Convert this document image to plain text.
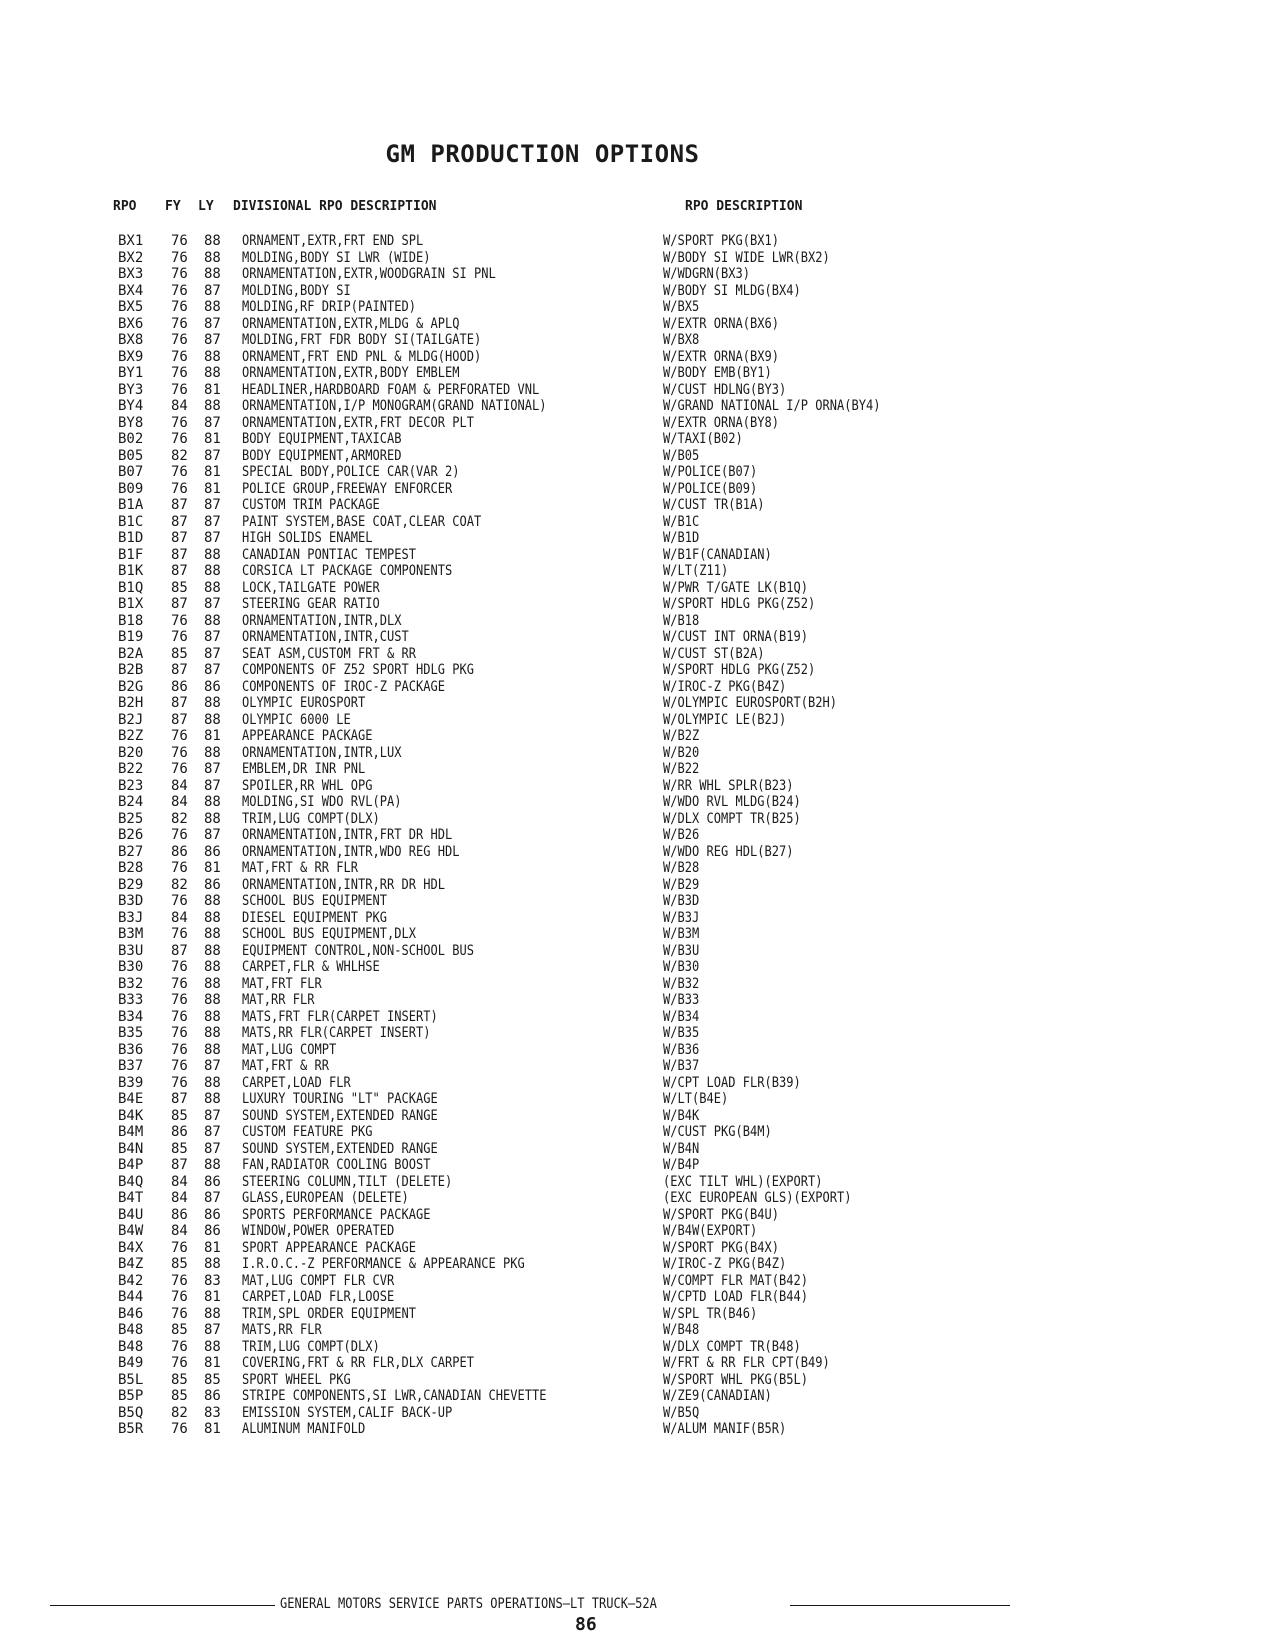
GM PRODUCTION OPTIONS
RPO FY LY DIVISIONAL RPO DESCRIPTION	RPO DESCRIPTION
BX1 76 88 ORNAMENT,EXTR,FRT END SPL	W/SPORT PKG(BX1)
BX2 76 88 MOLDING,BODY SI LWR (WIDE)	W/BODY SI WIDE LWR(BX2)
BX3 76 88 ORNAMENTATION,EXTR,WOODGRAIN SI PNL	W/WDGRN(BX3)
BX4 76 87 MOLDING,BODY SI	W/BODY SI MLDG(BX4)
BX5 76 88 MOLDING,RF DRIP(PAINTED)	W/BX5
BX6 76 87 ORNAMENTATION,EXTR,MLDG & APLQ	W/EXTR ORNA(BX6)
BX8 76 87 MOLDING,FRT FDR BODY SI(TAILGATE)	W/BX8
BX9 76 88 ORNAMENT,FRT END PNL & MLDG(HOOD)	W/EXTR ORNA(BX9)
BY1 76 88 ORNAMENTATION,EXTR,BODY EMBLEM	W/BODY EMB(BY1)
BY3 76 81 HEADLINER,HARDBOARD FOAM & PERFORATED VNL	W/CUST HDLNG(BY3)
BY4 84 88 ORNAMENTATION,I/P MONOGRAM(GRAND NATIONAL)	W/GRAND NATIONAL I/P ORNA(BY4)
BY8 76 87 ORNAMENTATION,EXTR,FRT DECOR PLT	W/EXTR ORNA(BY8)
B02 76 81 BODY EQUIPMENT,TAXICAB	W/TAXI(B02)
B05 82 87 BODY EQUIPMENT,ARMORED	W/B05
B07 76 81 SPECIAL BODY,POLICE CAR(VAR 2)	W/POLICE(B07)
B09 76 81 POLICE GROUP,FREEWAY ENFORCER	W/POLICE(B09)
B1A 87 87 CUSTOM TRIM PACKAGE	W/CUST TR(B1A)
B1C 87 87 PAINT SYSTEM,BASE COAT,CLEAR COAT	W/B1C
B1D 87 87 HIGH SOLIDS ENAMEL	W/B1D
B1F 87 88 CANADIAN PONTIAC TEMPEST	W/B1F(CANADIAN)
B1K 87 88 CORSICA LT PACKAGE COMPONENTS	W/LT(Z11)
B1Q 85 88 LOCK,TAILGATE POWER	W/PWR T/GATE LK(B1Q)
B1X 87 87 STEERING GEAR RATIO	W/SPORT HDLG PKG(Z52)
B18 76 88 ORNAMENTATION,INTR,DLX	W/B18
B19 76 87 ORNAMENTATION,INTR,CUST	W/CUST INT ORNA(B19)
B2A 85 87 SEAT ASM,CUSTOM FRT & RR	W/CUST ST(B2A)
B2B 87 87 COMPONENTS OF Z52 SPORT HDLG PKG	W/SPORT HDLG PKG(Z52)
B2G 86 86 COMPONENTS OF IROC-Z PACKAGE	W/IROC-Z PKG(B4Z)
B2H 87 88 OLYMPIC EUROSPORT	W/OLYMPIC EUROSPORT(B2H)
B2J 87 88 OLYMPIC 6000 LE	W/OLYMPIC LE(B2J)
B2Z 76 81 APPEARANCE PACKAGE	W/B2Z
B20 76 88 ORNAMENTATION,INTR,LUX	W/B20
B22 76 87 EMBLEM,DR INR PNL	W/B22
B23 84 87 SPOILER,RR WHL OPG	W/RR WHL SPLR(B23)
B24 84 88 MOLDING,SI WDO RVL(PA)	W/WDO RVL MLDG(B24)
B25 82 88 TRIM,LUG COMPT(DLX)	W/DLX COMPT TR(B25)
B26 76 87 ORNAMENTATION,INTR,FRT DR HDL	W/B26
B27 86 86 ORNAMENTATION,INTR,WDO REG HDL	W/WDO REG HDL(B27)
B28 76 81 MAT,FRT & RR FLR	W/B28
B29 82 86 ORNAMENTATION,INTR,RR DR HDL	W/B29
B3D 76 88 SCHOOL BUS EQUIPMENT	W/B3D
B3J 84 88 DIESEL EQUIPMENT PKG	W/B3J
B3M 76 88 SCHOOL BUS EQUIPMENT,DLX	W/B3M
B3U 87 88 EQUIPMENT CONTROL,NON-SCHOOL BUS	W/B3U
B30 76 88 CARPET,FLR & WHLHSE	W/B30
B32 76 88 MAT,FRT FLR	W/B32
B33 76 88 MAT,RR FLR	W/B33
B34 76 88 MATS,FRT FLR(CARPET INSERT)	W/B34
B35 76 88 MATS,RR FLR(CARPET INSERT)	W/B35
B36 76 88 MAT,LUG COMPT	W/B36
B37 76 87 MAT,FRT & RR	W/B37
B39 76 88 CARPET,LOAD FLR	W/CPT LOAD FLR(B39)
B4E 87 88 LUXURY TOURING "LT" PACKAGE	W/LT(B4E)
B4K 85 87 SOUND SYSTEM,EXTENDED RANGE	W/B4K
B4M 86 87 CUSTOM FEATURE PKG	W/CUST PKG(B4M)
B4N 85 87 SOUND SYSTEM,EXTENDED RANGE	W/B4N
B4P 87 88 FAN,RADIATOR COOLING BOOST	W/B4P
B4Q 84 86 STEERING COLUMN,TILT (DELETE)	(EXC TILT WHL)(EXPORT)
B4T 84 87 GLASS,EUROPEAN (DELETE)	(EXC EUROPEAN GLS)(EXPORT)
B4U 86 86 SPORTS PERFORMANCE PACKAGE	W/SPORT PKG(B4U)
B4W 84 86 WINDOW,POWER OPERATED	W/B4W(EXPORT)
B4X 76 81 SPORT APPEARANCE PACKAGE	W/SPORT PKG(B4X)
B4Z 85 88 I.R.O.C.-Z PERFORMANCE & APPEARANCE PKG	W/IROC-Z PKG(B4Z)
B42 76 83 MAT,LUG COMPT FLR CVR	W/COMPT FLR MAT(B42)
B44 76 81 CARPET,LOAD FLR,LOOSE	W/CPTD LOAD FLR(B44)
B46 76 88 TRIM,SPL ORDER EQUIPMENT	W/SPL TR(B46)
B48 85 87 MATS,RR FLR	W/B48
B48 76 88 TRIM,LUG COMPT(DLX)	W/DLX COMPT TR(B48)
B49 76 81 COVERING,FRT & RR FLR,DLX CARPET	W/FRT & RR FLR CPT(B49)
B5L 85 85 SPORT WHEEL PKG	W/SPORT WHL PKG(B5L)
B5P 85 86 STRIPE COMPONENTS,SI LWR,CANADIAN CHEVETTE	W/ZE9(CANADIAN)
B5Q 82 83 EMISSION SYSTEM,CALIF BACK-UP	W/B5Q
B5R 76 81 ALUMINUM MANIFOLD	W/ALUM MANIF(B5R)
GENERAL MOTORS SERVICE PARTS OPERATIONS—LT TRUCK—52A
86
